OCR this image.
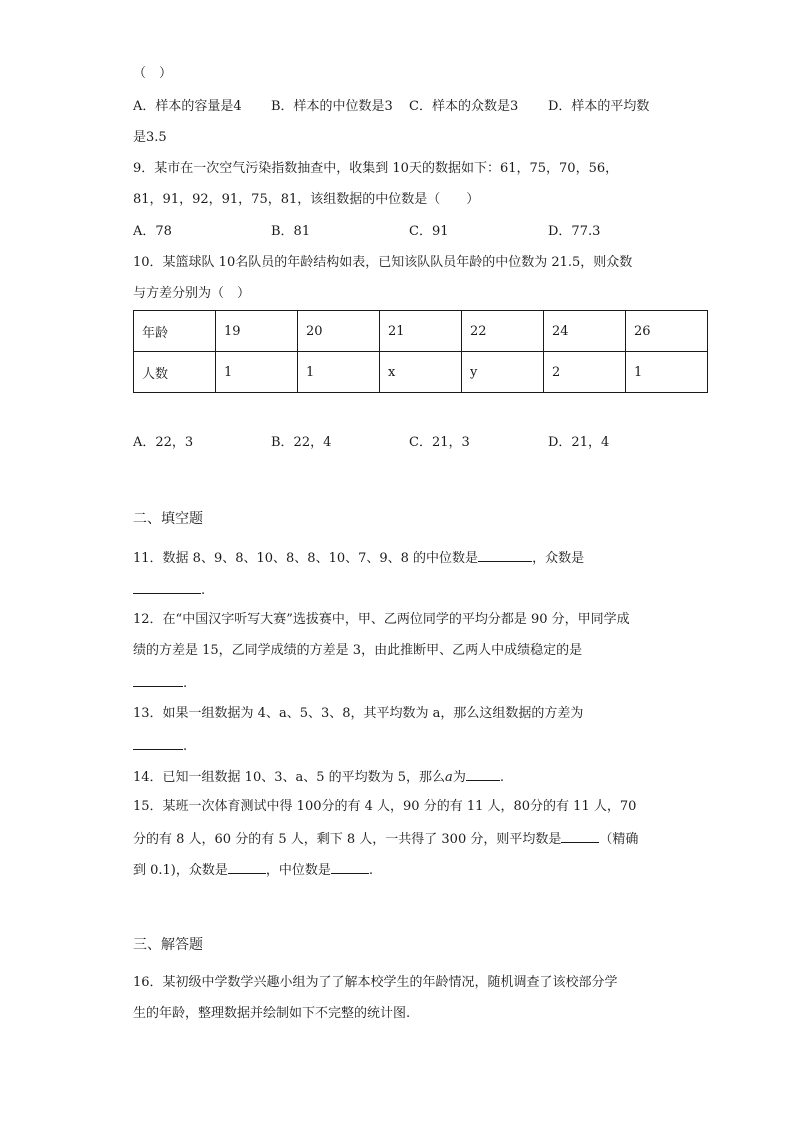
（　）
A．样本的容量是4 B．样本的中位数是3 C．样本的众数是3 D．样本的平均数
是3.5
9．某市在一次空气污染指数抽查中，收集到 10天的数据如下：61，75，70，56，
81，91，92，91，75，81，该组数据的中位数是（　　）
A．78	B．81	C．91	D．77.3
10．某篮球队 10名队员的年龄结构如表，已知该队队员年龄的中位数为 21.5，则众数
与方差分别为（　）
年龄	19	20	21	22	24	26
人数	1	1	x	y	2	1
A．22，3	B．22，4	C．21，3	D．21，4
二、填空题
11．数据 8、9、8、10、8、8、10、7、9、8 的中位数是	，众数是
.
12．在“中国汉字听写大赛”选拔赛中，甲、乙两位同学的平均分都是 90 分，甲同学成
绩的方差是 15，乙同学成绩的方差是 3，由此推断甲、乙两人中成绩稳定的是
.
13．如果一组数据为 4、a、5、3、8，其平均数为 a，那么这组数据的方差为
.
14．已知一组数据 10、3、a、5 的平均数为 5，那么a为	.
15．某班一次体育测试中得 100分的有 4 人，90 分的有 11 人，80分的有 11 人，70
分的有 8 人，60 分的有 5 人，剩下 8 人，一共得了 300 分，则平均数是	（精确
到 0.1)，众数是	，中位数是	.
三、解答题
16．某初级中学数学兴趣小组为了了解本校学生的年龄情况，随机调查了该校部分学
生的年龄，整理数据并绘制如下不完整的统计图.
